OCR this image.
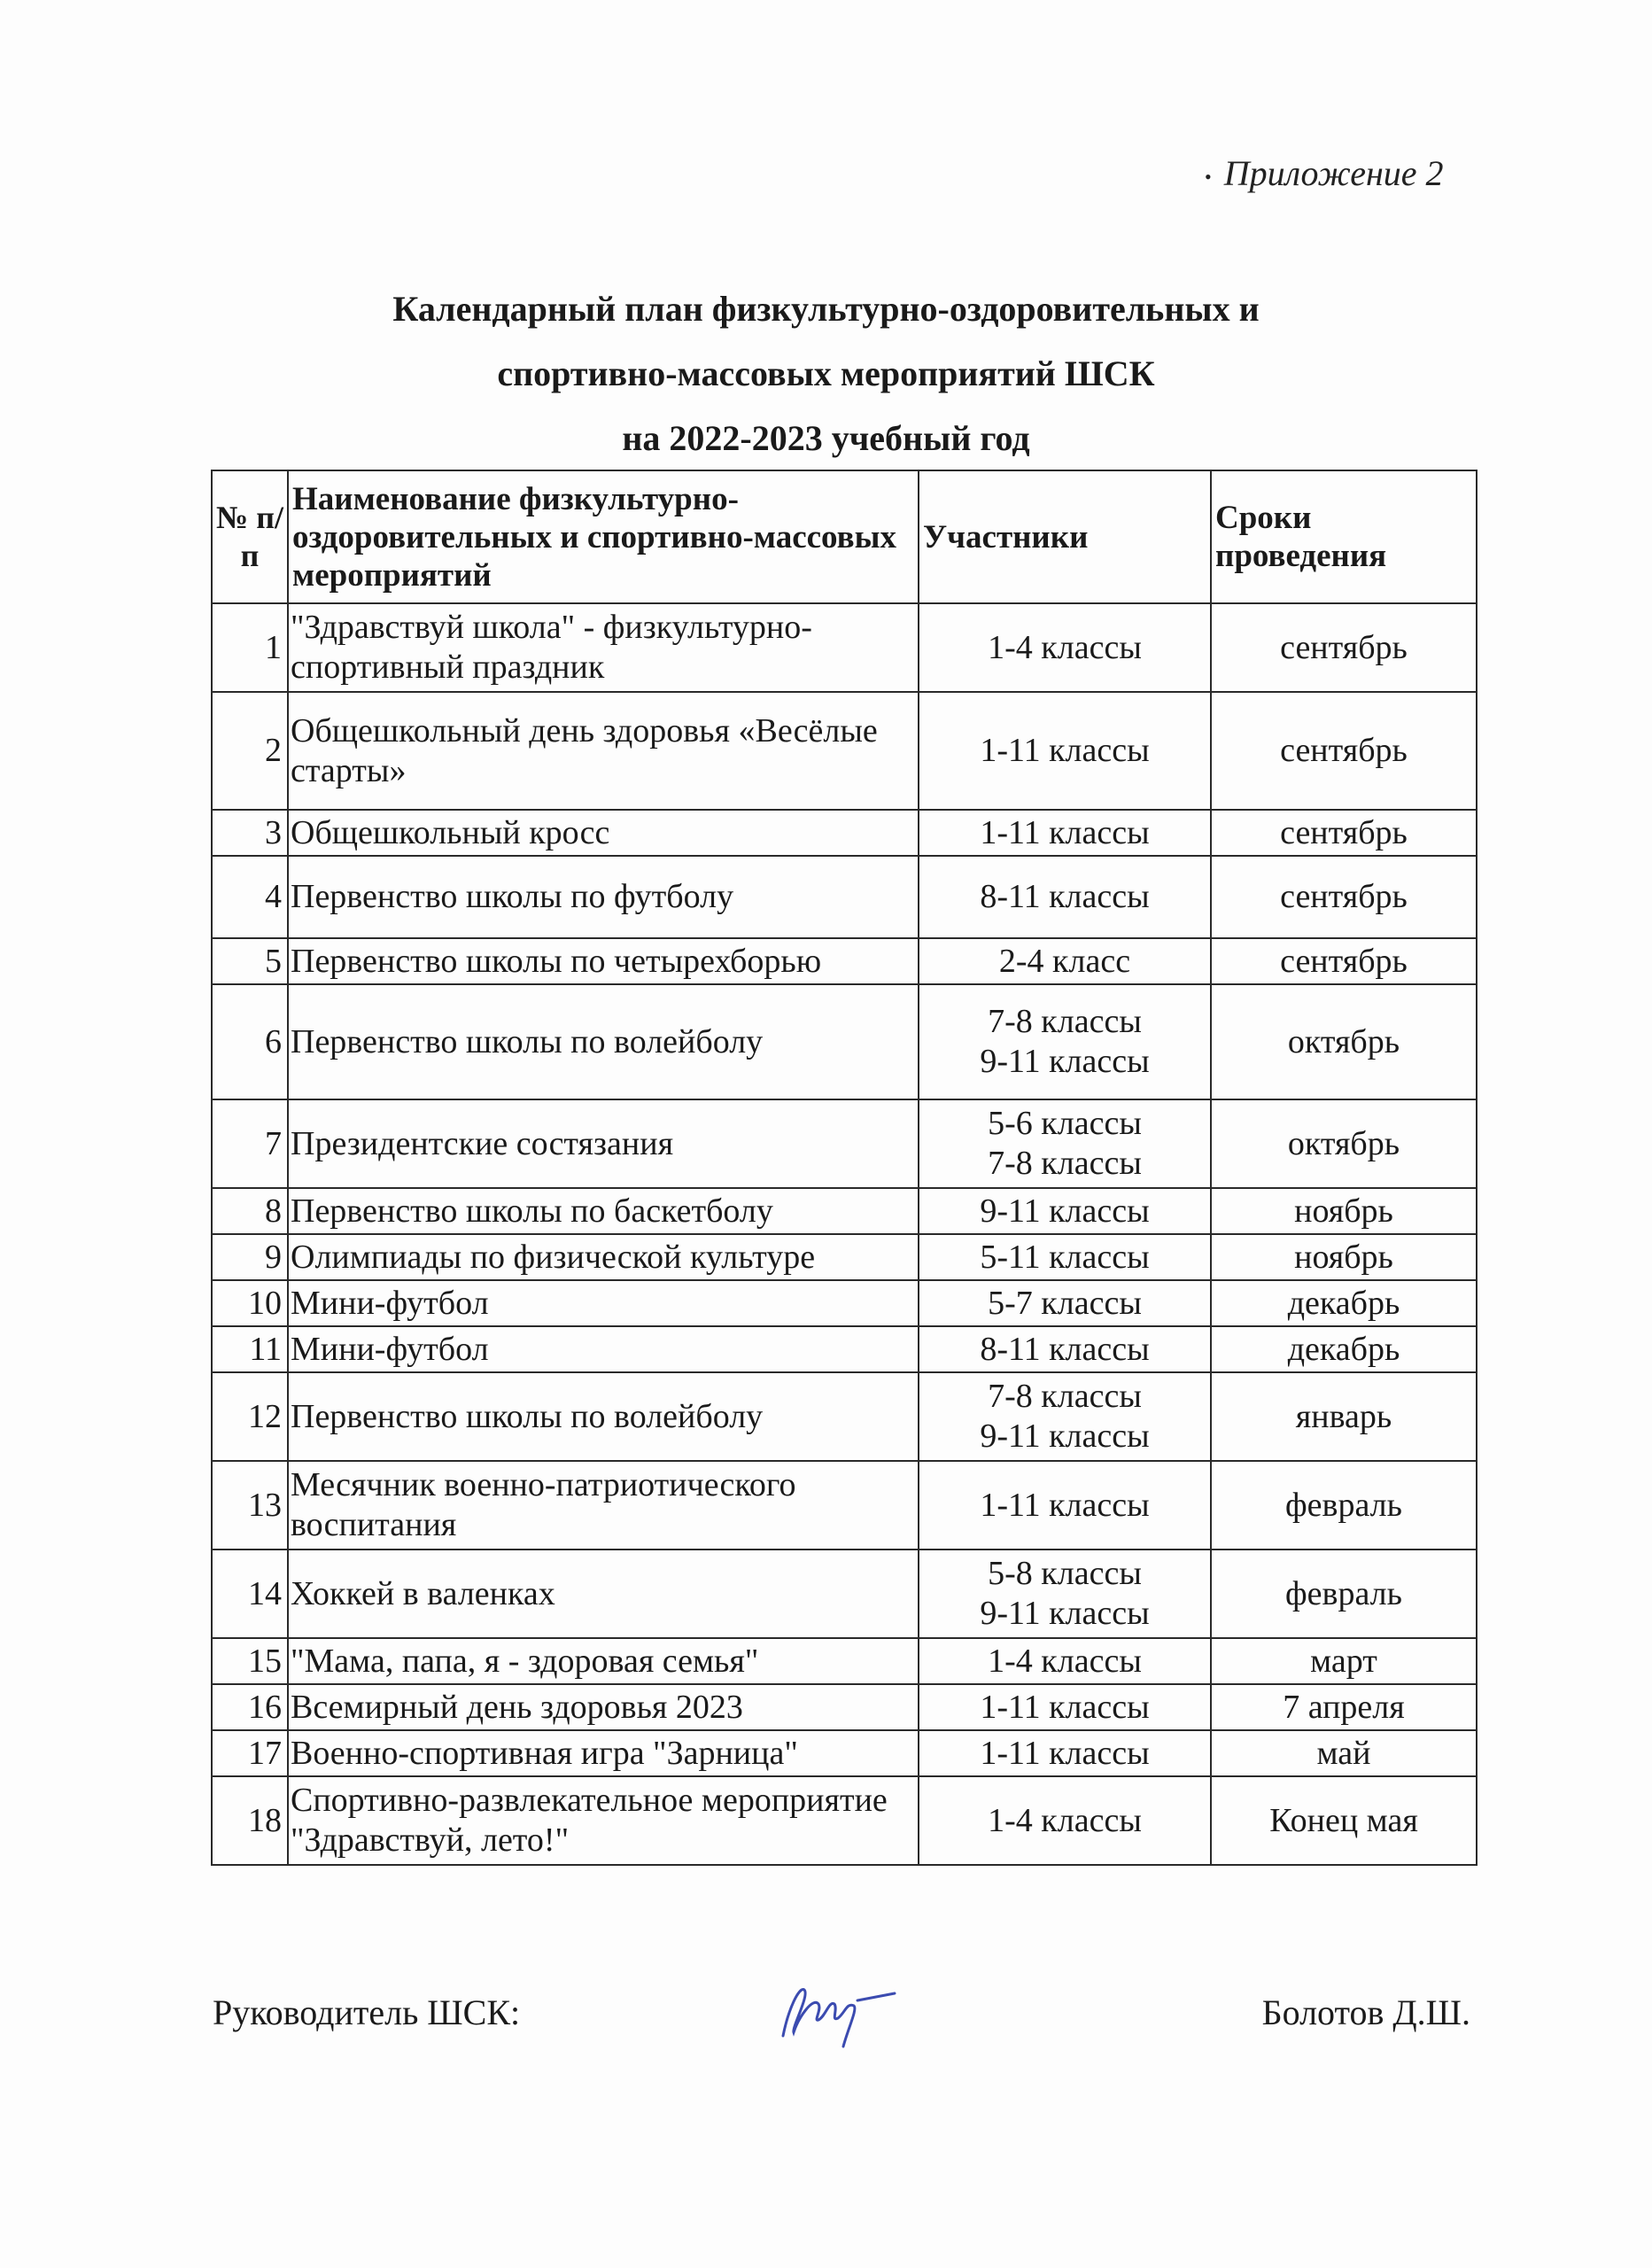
• Приложение 2
Календарный план физкультурно-оздоровительных и
спортивно-массовых мероприятий ШСК
на 2022-2023 учебный год
№ п/п	Наименование физкультурно-оздоровительных и спортивно-массовых мероприятий	Участники	Сроки проведения
1	"Здравствуй школа" - физкультурно-спортивный праздник	1-4 классы	сентябрь
2	Общешкольный день здоровья «Весёлые старты»	1-11 классы	сентябрь
3	Общешкольный кросс	1-11 классы	сентябрь
4	Первенство школы по футболу	8-11 классы	сентябрь
5	Первенство школы по четырехборью	2-4 класс	сентябрь
6	Первенство школы по волейболу	7-8 классы
9-11 классы	октябрь
7	Президентские состязания	5-6 классы
7-8 классы	октябрь
8	Первенство школы по баскетболу	9-11 классы	ноябрь
9	Олимпиады по физической культуре	5-11 классы	ноябрь
10	Мини-футбол	5-7 классы	декабрь
11	Мини-футбол	8-11 классы	декабрь
12	Первенство школы по волейболу	7-8 классы
9-11 классы	январь
13	Месячник военно-патриотического воспитания	1-11 классы	февраль
14	Хоккей в валенках	5-8 классы
9-11 классы	февраль
15	"Мама, папа, я - здоровая семья"	1-4 классы	март
16	Всемирный день здоровья 2023	1-11 классы	7 апреля
17	Военно-спортивная игра "Зарница"	1-11 классы	май
18	Спортивно-развлекательное мероприятие "Здравствуй, лето!"	1-4 классы	Конец мая
Руководитель ШСК:	Болотов Д.Ш.
